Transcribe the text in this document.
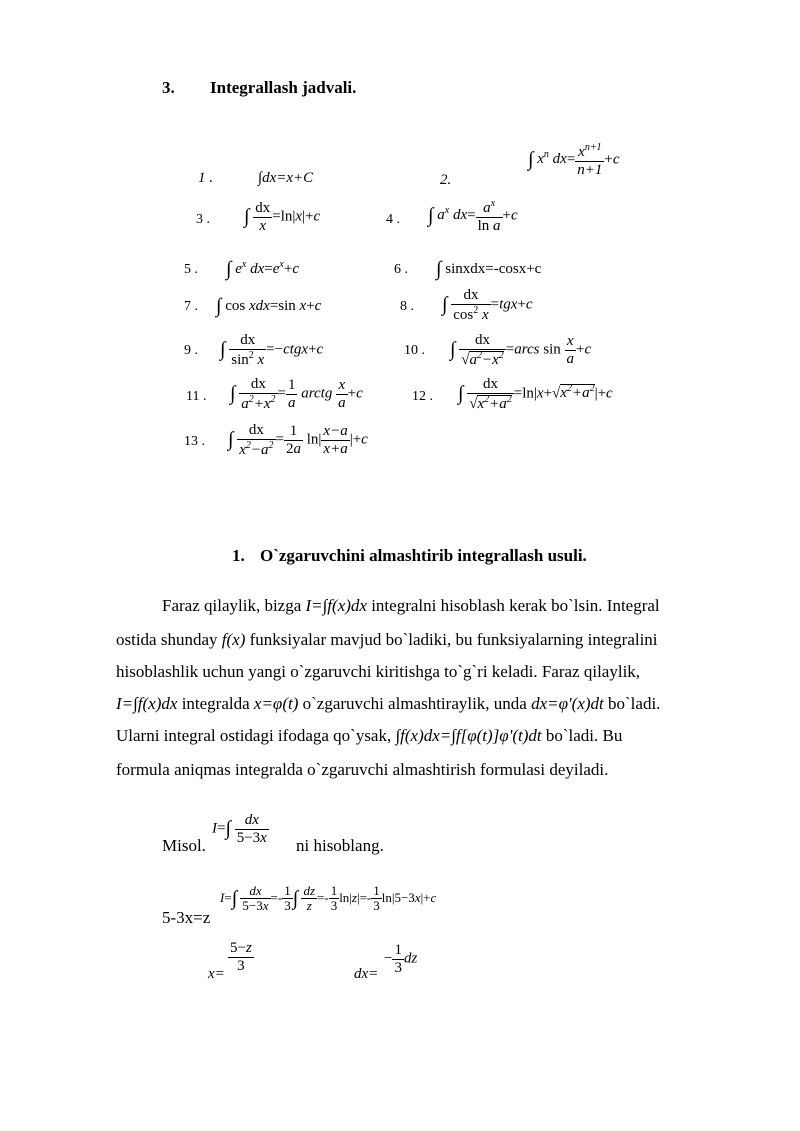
3. Integrallash jadvali.
1 .	∫dx=x+C	2.
∫ $x^n$ $dx= \frac{x^{n+1}}{n+1} +c$
3 . ∫ $\frac{dx}{x} =\ln|x|+c$	4 . ∫ $a^x$ $dx= \frac{a^x}{\text{ln a}} +c$
5 . ∫ $e^x$ $dx=e^x+c$	6 . ∫ sinxdx=-cosx+c
7 . ∫ cos xdx=sin x+c	8 . ∫ $\frac{dx}{\cos^2 x} =tgx+c$
9 . ∫ $\frac{dx}{\sin^2 x}$ =−ctgx+c	10 . ∫ $\frac{dx}{√a^2-x^2}$ =arcs $\sin \frac{x}{a} +c$
11 . ∫ $\frac{dx}{a^2+x^2} = \frac{1}{a}$ arctg $\frac{x}{a} +c$	12 . ∫ $\frac{dx}{√x^2+a^2} =\ln|x+√x^2+a^2|+c$
13 . ∫ $\frac{dx}{x^2-a^2} = \frac{1}{2a} \ln| \frac{x-a}{x+a} |+c$
1. O`zgaruvchini almashtirib integrallash usuli.
Faraz qilaylik, bizga I=∫f(x)dx integralni hisoblash kerak bo`lsin. Integral
ostida shunday f(x) funksiyalar mavjud bo`ladiki, bu funksiyalarning integralini
hisoblashlik uchun yangi o`zgaruvchi kiritishga to`g`ri keladi. Faraz qilaylik,
I=∫f(x)dx integralda x=φ(t) o`zgaruvchi almashtiraylik, unda dx=φ'(x)dt bo`ladi.
Ularni integral ostidagi ifodaga qo`ysak, ∫f(x)dx=∫f[φ(t)]φ'(t)dt bo`ladi. Bu
formula aniqmas integralda o`zgaruvchi almashtirish formulasi deyiladi.
Misol.
$I=\int \frac{dx}{5-3x}$ ni hisoblang.
5-3x=z
$I=\int \frac{dx}{5-3x} =- \frac{1}{3}$ ∫ $\frac{dz}{z} =- \frac{1}{3} \ln|z|=- \frac{1}{3} \ln|5-3x|+c$
$x= \frac{5-z}{3}$	dx=
− $\frac{1}{3}$ dz
